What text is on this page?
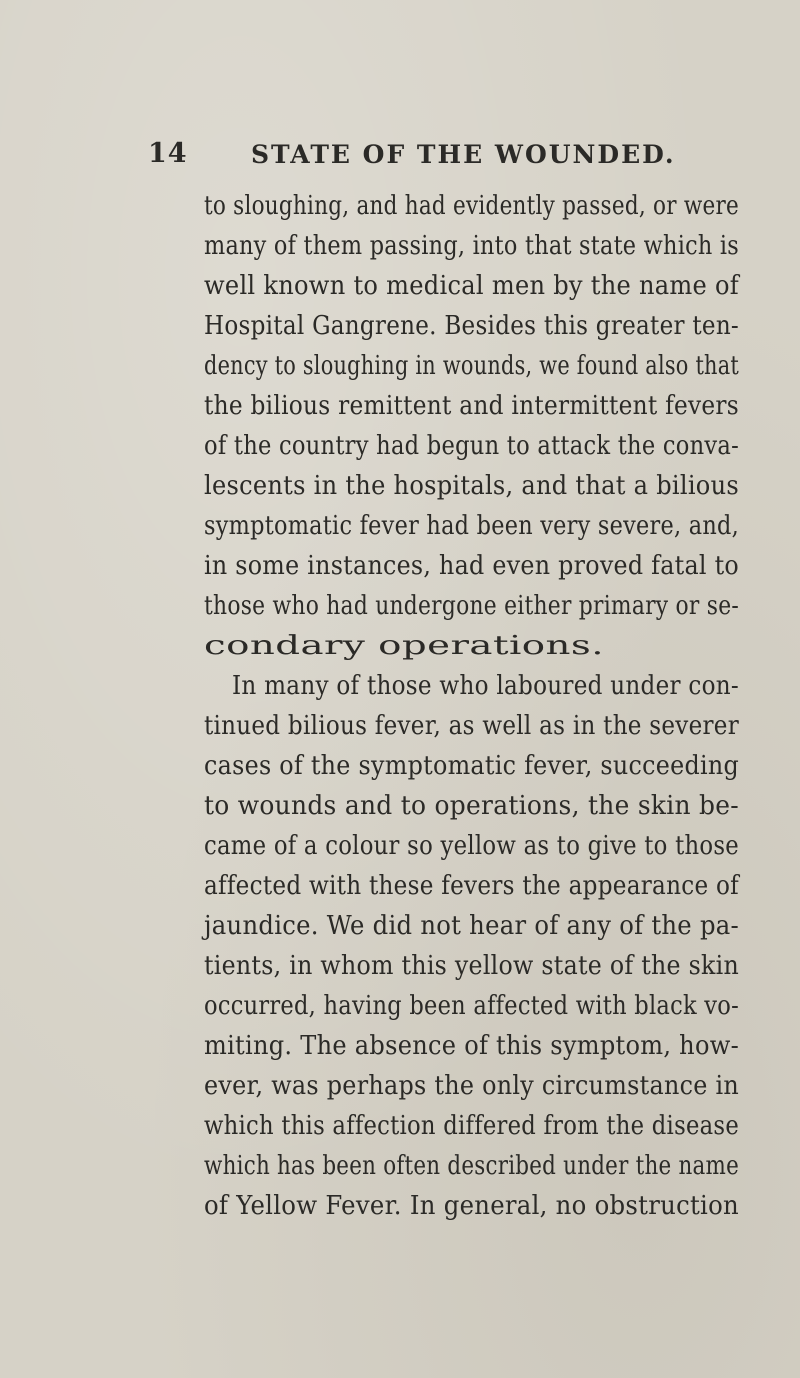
14	STATE OF THE WOUNDED.
to sloughing, and had evidently passed, or were
many of them passing, into that state which is
well known to medical men by the name of
Hospital Gangrene. Besides this greater ten-
dency to sloughing in wounds, we found also that
the bilious remittent and intermittent fevers
of the country had begun to attack the conva-
lescents in the hospitals, and that a bilious
symptomatic fever had been very severe, and,
in some instances, had even proved fatal to
those who had undergone either primary or se-
condary operations.
In many of those who laboured under con-
tinued bilious fever, as well as in the severer
cases of the symptomatic fever, succeeding
to wounds and to operations, the skin be-
came of a colour so yellow as to give to those
affected with these fevers the appearance of
jaundice. We did not hear of any of the pa-
tients, in whom this yellow state of the skin
occurred, having been affected with black vo-
miting. The absence of this symptom, how-
ever, was perhaps the only circumstance in
which this affection differed from the disease
which has been often described under the name
of Yellow Fever. In general, no obstruction
